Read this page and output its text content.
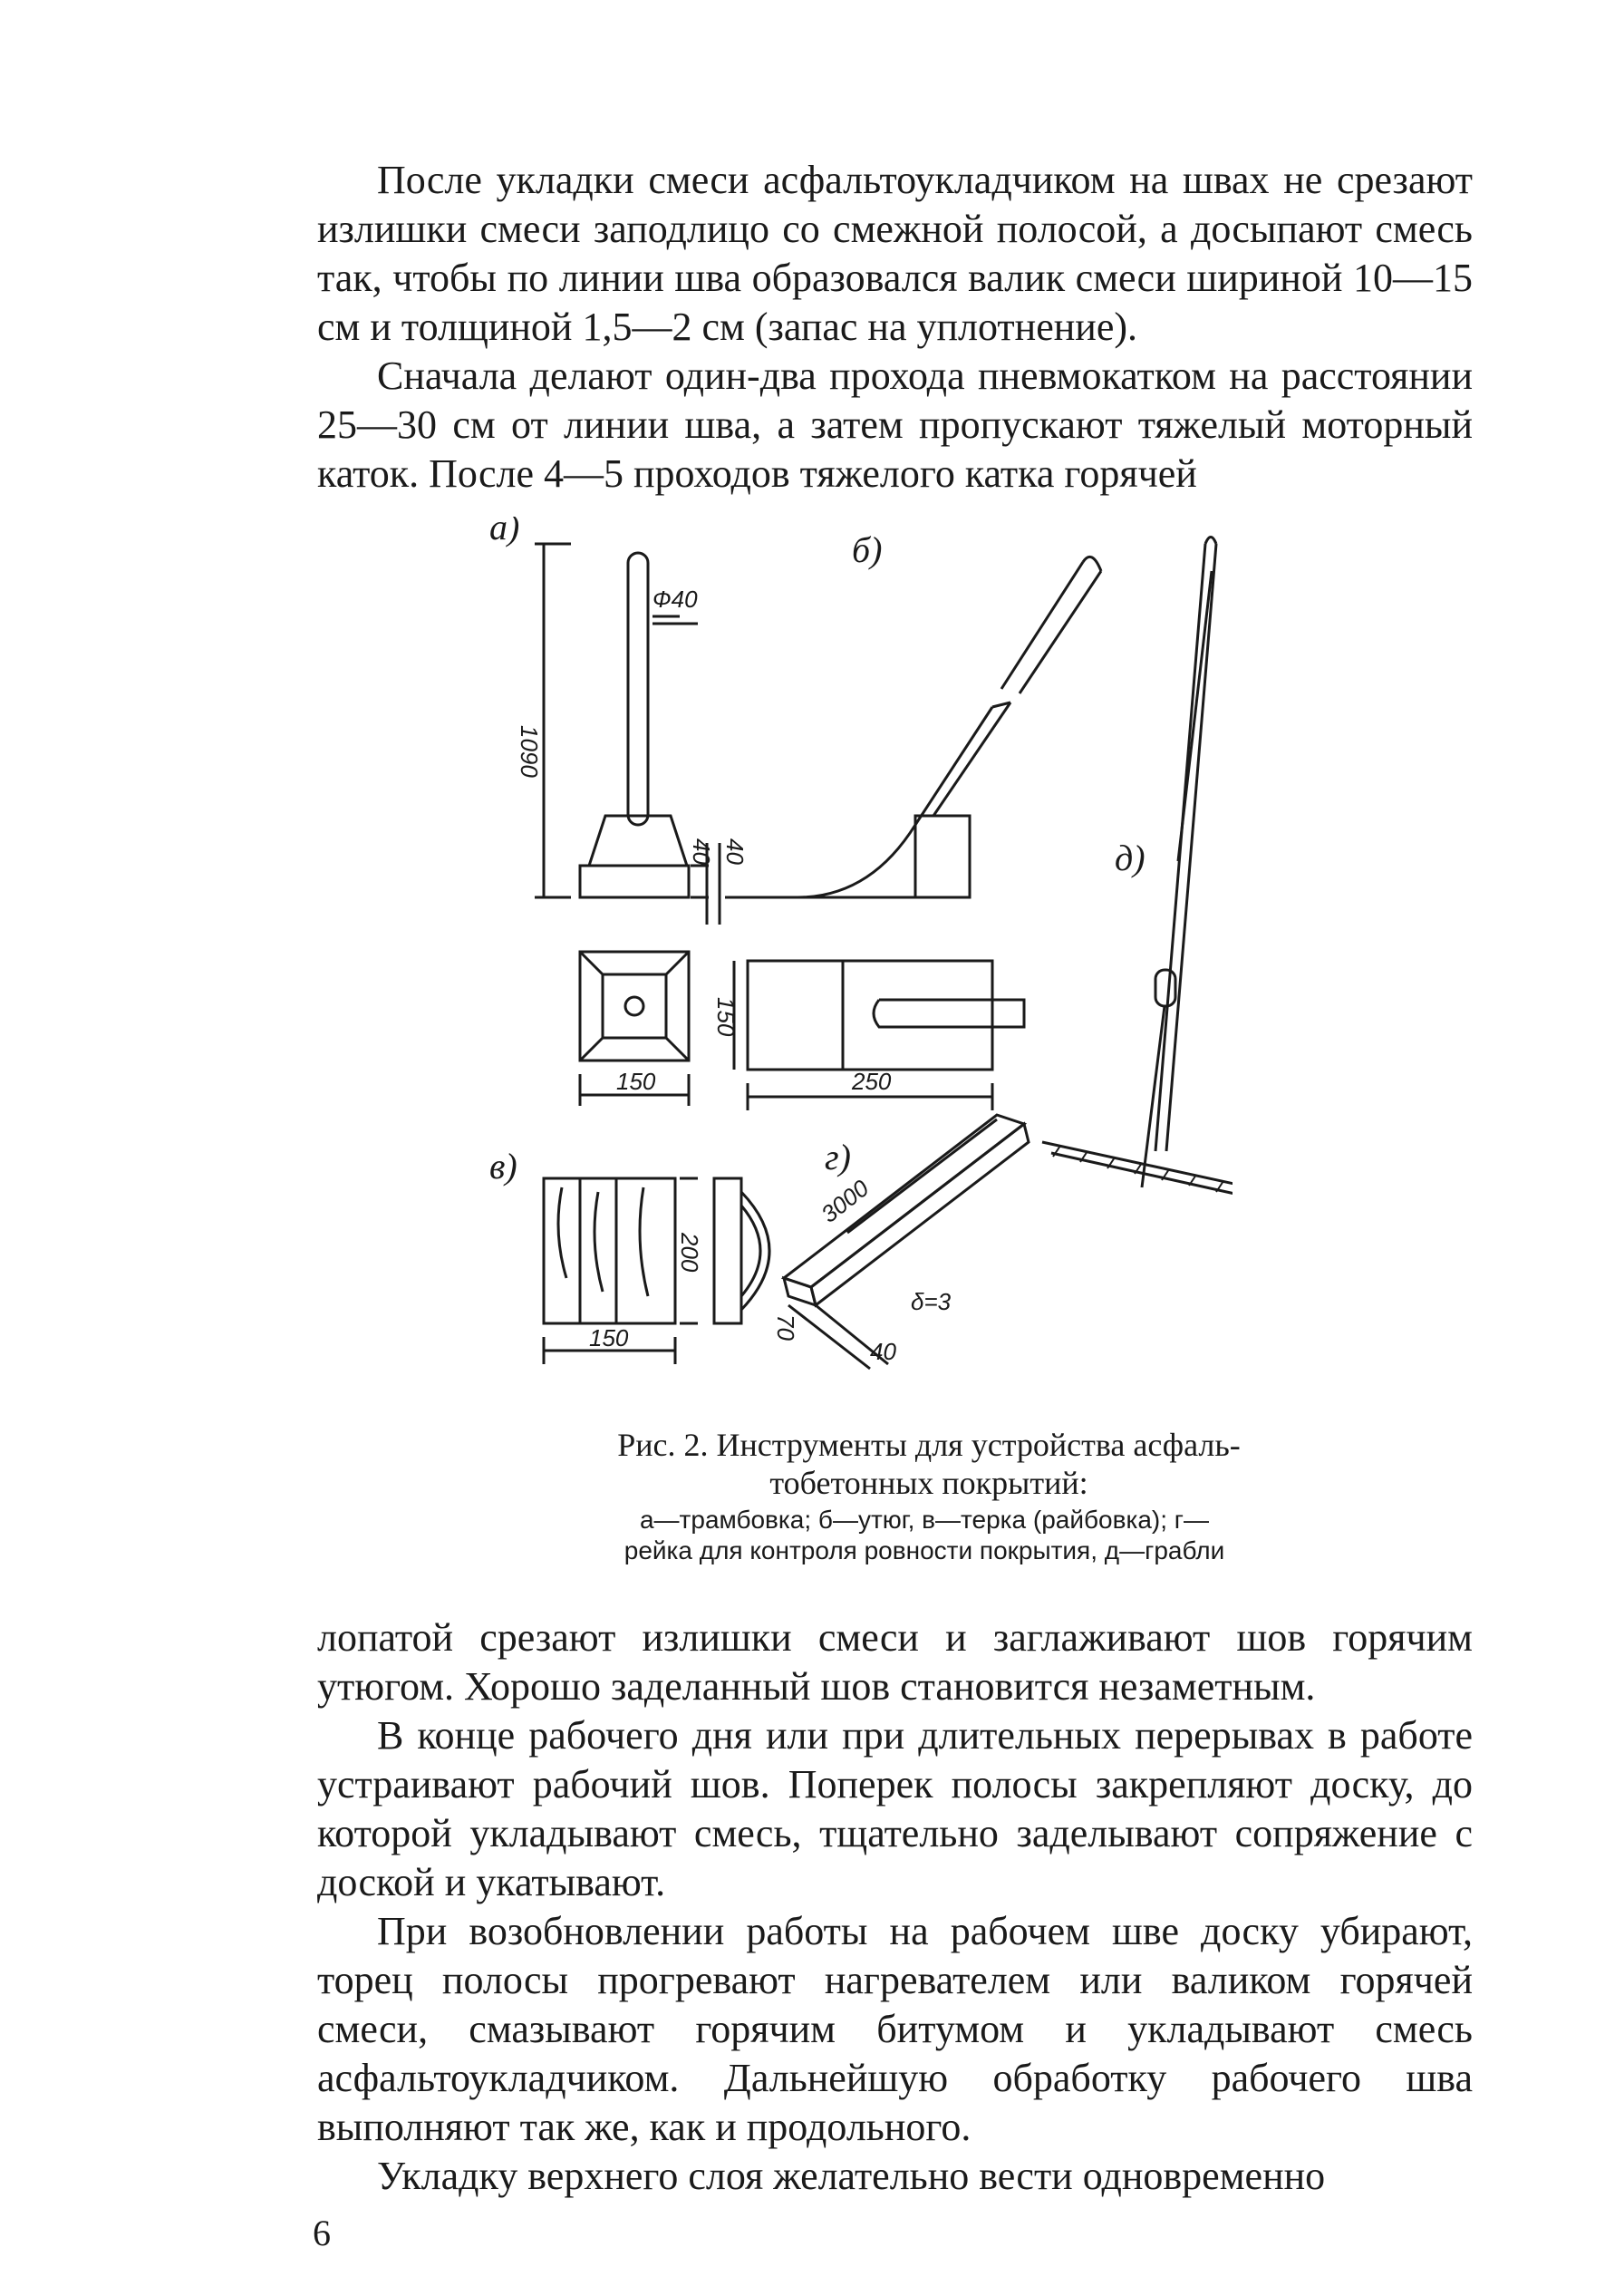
После укладки смеси асфальтоукладчиком на швах не срезают излишки смеси заподлицо со смежной полосой, а досыпают смесь так, чтобы по линии шва образовался валик смеси шириной 10—15 см и толщиной 1,5—2 см (запас на уплотнение).

Сначала делают один-два прохода пневмокатком на расстоянии 25—30 см от линии шва, а затем пропускают тяжелый моторный каток. После 4—5 проходов тяжелого катка горячей

а)
б)
в)	г)
д)
Ф40
1090
40 40
150
150
250
200
150
3000
δ=3
70
40
Рис. 2. Инструменты для устройства асфаль-
тобетонных покрытий:
а—трамбовка; б—утюг, в—терка (райбовка); г—
рейка для контроля ровности покрытия, д—грабли

лопатой срезают излишки смеси и заглаживают шов горячим утюгом. Хорошо заделанный шов становится незаметным.

В конце рабочего дня или при длительных перерывах в работе устраивают рабочий шов. Поперек полосы закрепляют доску, до которой укладывают смесь, тщательно заделывают сопряжение с доской и укатывают.

При возобновлении работы на рабочем шве доску убирают, торец полосы прогревают нагревателем или валиком горячей смеси, смазывают горячим битумом и укладывают смесь асфальтоукладчиком. Дальнейшую обработку рабочего шва выполняют так же, как и продольного.

Укладку верхнего слоя желательно вести одновременно

6
